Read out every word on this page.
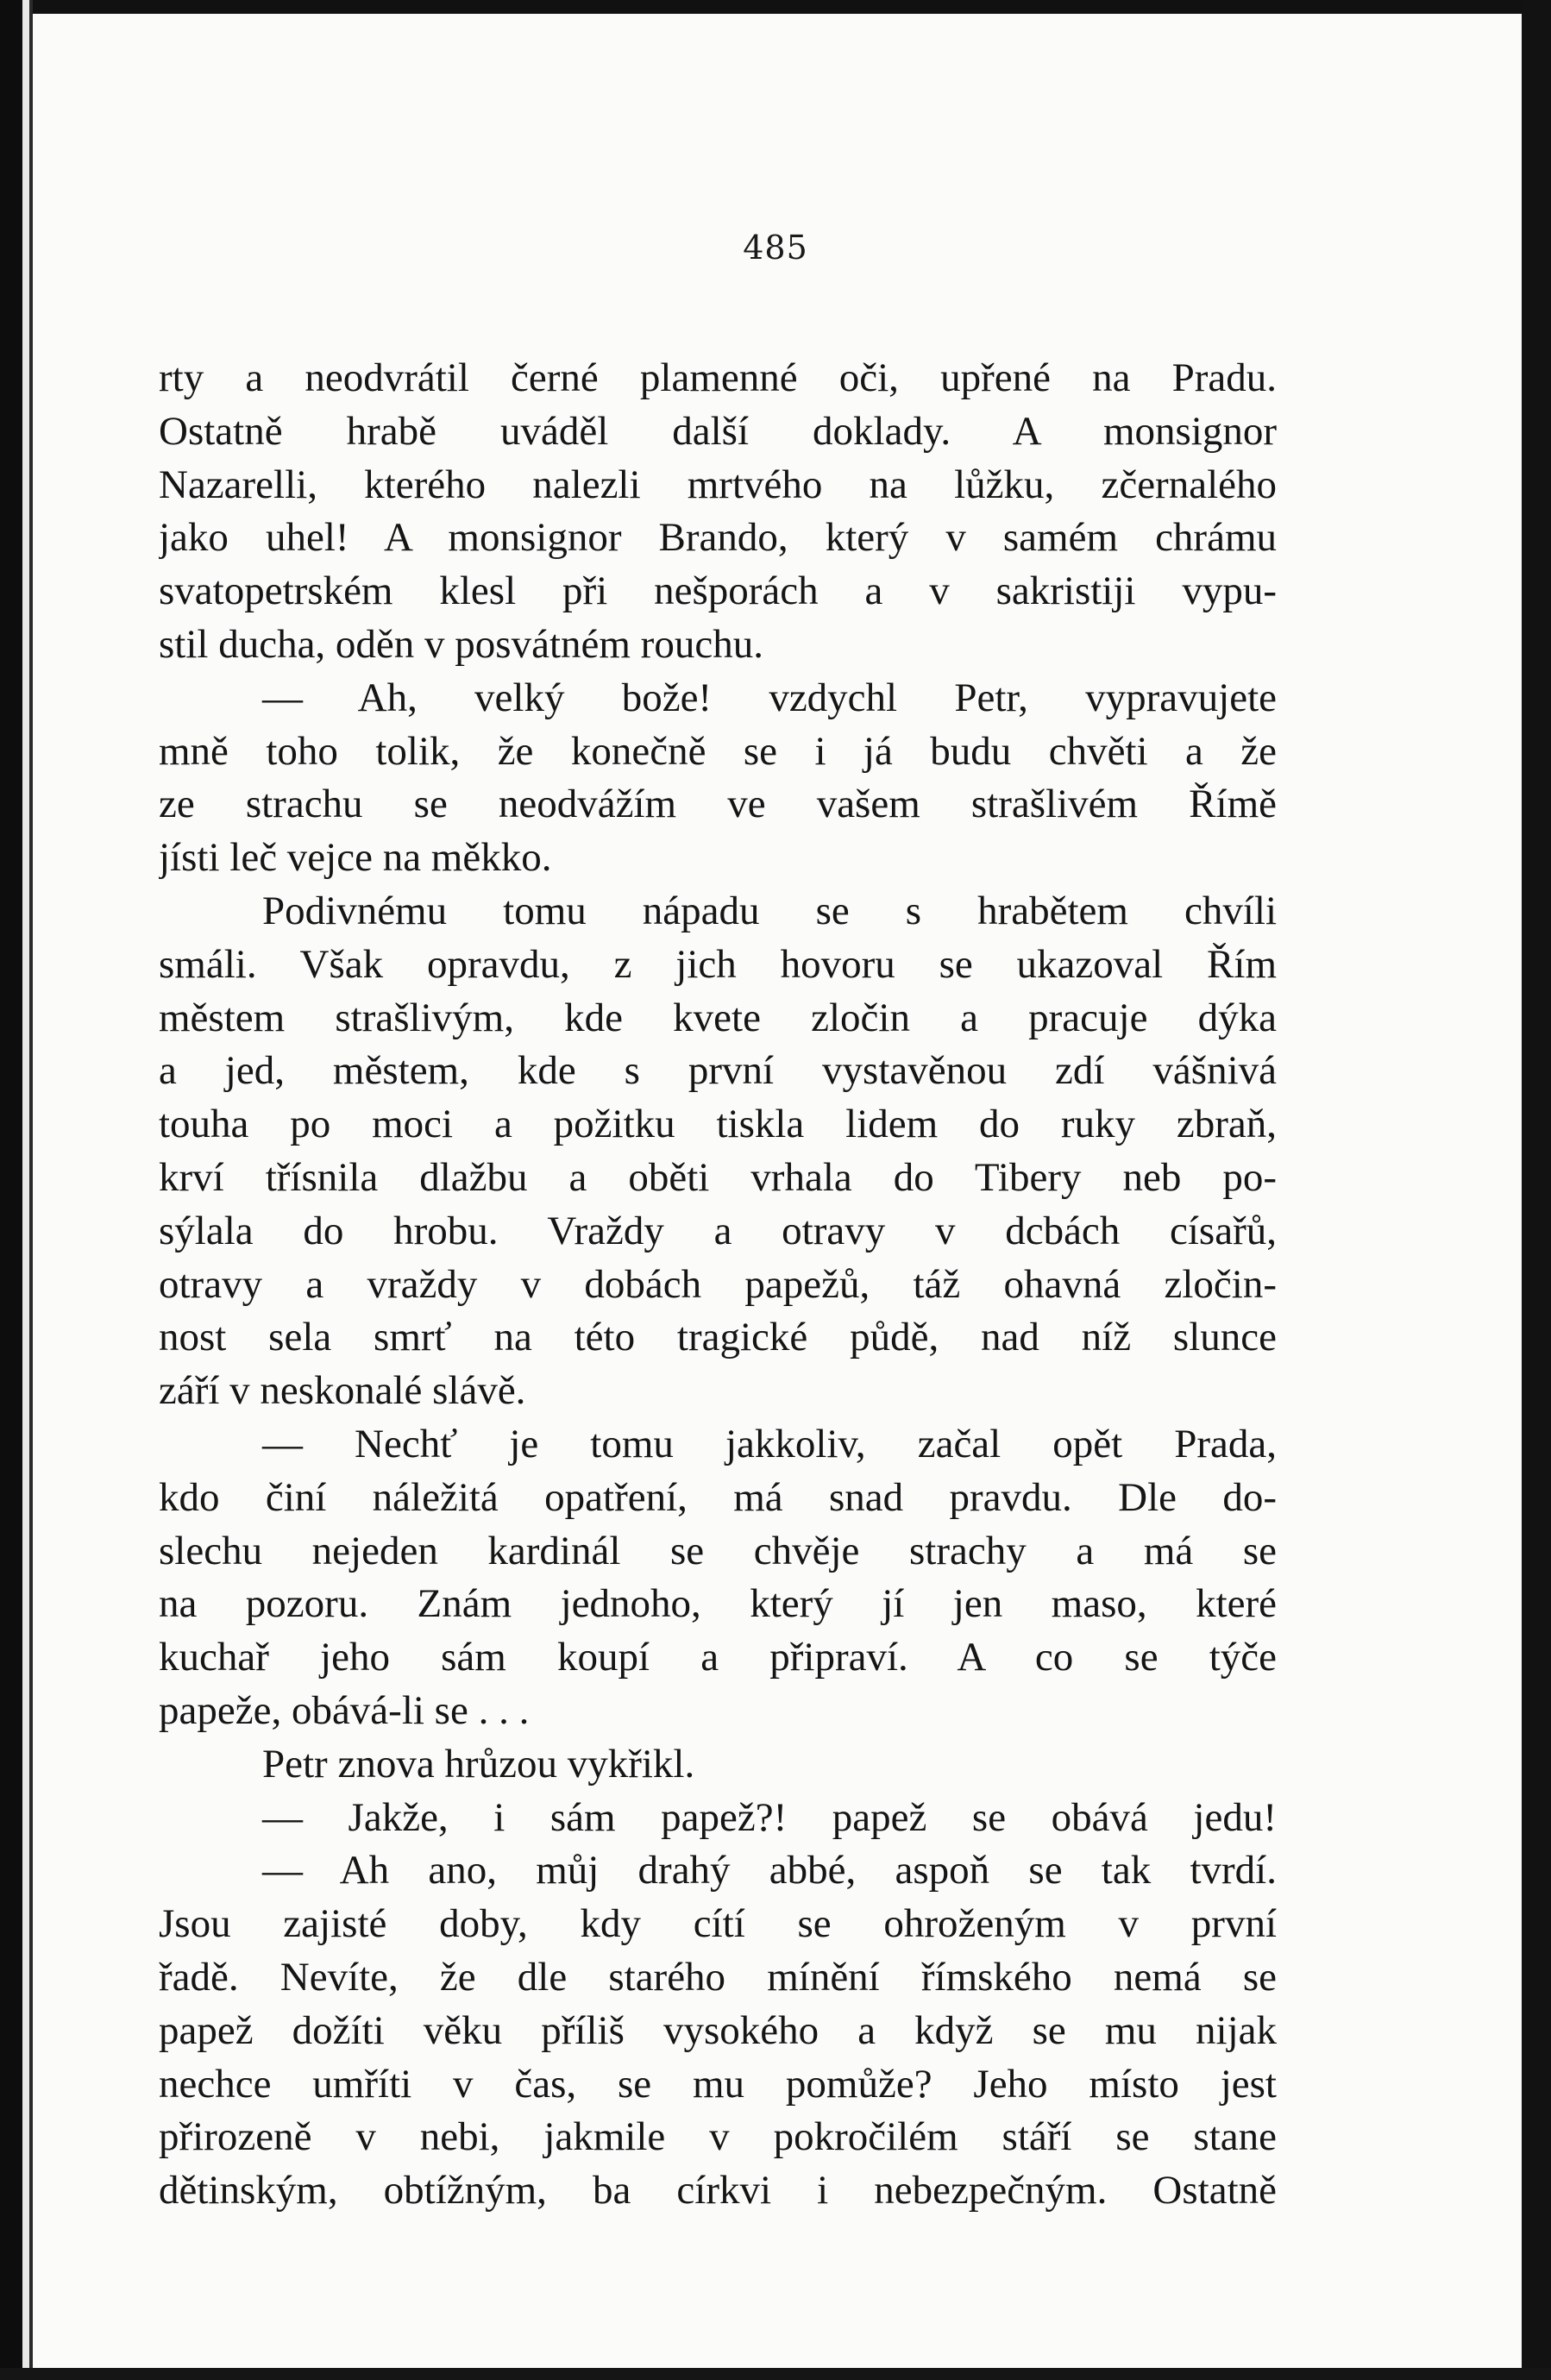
485
rty a neodvrátil černé plamenné oči, upřené na Pradu.
Ostatně hrabě uváděl další doklady. A monsignor
Nazarelli, kterého nalezli mrtvého na lůžku, zčernalého
jako uhel! A monsignor Brando, který v samém chrámu
svatopetrském klesl při nešporách a v sakristiji vypu-
stil ducha, oděn v posvátném rouchu.
— Ah, velký bože! vzdychl Petr, vypravujete
mně toho tolik, že konečně se i já budu chvěti a že
ze strachu se neodvážím ve vašem strašlivém Římě
jísti leč vejce na měkko.
Podivnému tomu nápadu se s hrabětem chvíli
smáli. Však opravdu, z jich hovoru se ukazoval Řím
městem strašlivým, kde kvete zločin a pracuje dýka
a jed, městem, kde s první vystavěnou zdí vášnivá
touha po moci a požitku tiskla lidem do ruky zbraň,
krví třísnila dlažbu a oběti vrhala do Tibery neb po-
sýlala do hrobu. Vraždy a otravy v dcbách císařů,
otravy a vraždy v dobách papežů, táž ohavná zločin-
nost sela smrť na této tragické půdě, nad níž slunce
září v neskonalé slávě.
— Nechť je tomu jakkoliv, začal opět Prada,
kdo činí náležitá opatření, má snad pravdu. Dle do-
slechu nejeden kardinál se chvěje strachy a má se
na pozoru. Znám jednoho, který jí jen maso, které
kuchař jeho sám koupí a připraví. A co se týče
papeže, obává-li se . . .
Petr znova hrůzou vykřikl.
— Jakže, i sám papež?! papež se obává jedu!
— Ah ano, můj drahý abbé, aspoň se tak tvrdí.
Jsou zajisté doby, kdy cítí se ohroženým v první
řadě. Nevíte, že dle starého mínění římského nemá se
papež dožíti věku příliš vysokého a když se mu nijak
nechce umříti v čas, se mu pomůže? Jeho místo jest
přirozeně v nebi, jakmile v pokročilém stáří se stane
dětinským, obtížným, ba církvi i nebezpečným. Ostatně
